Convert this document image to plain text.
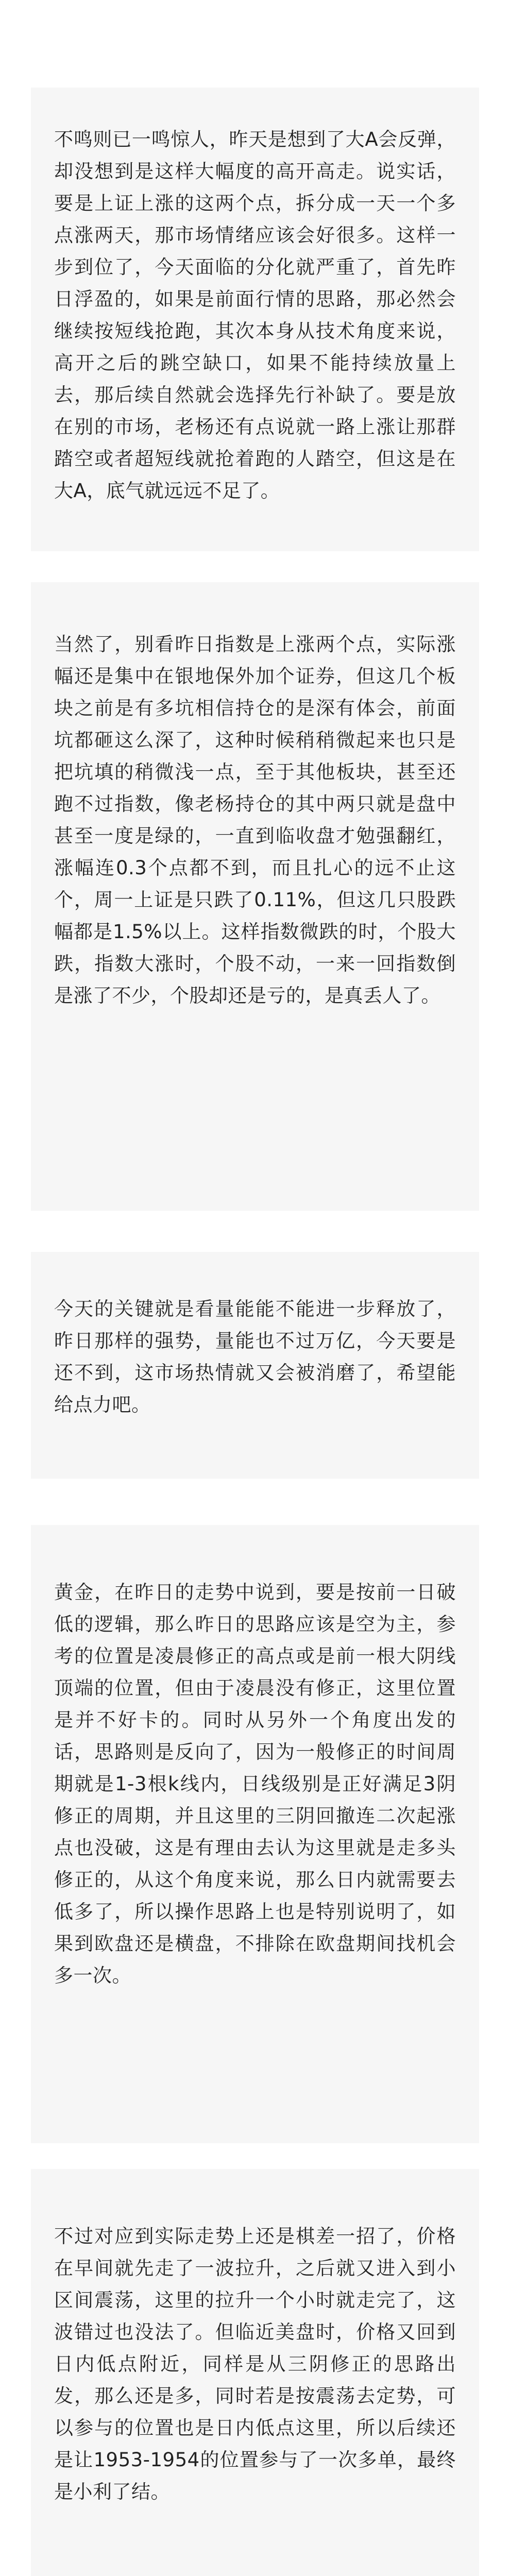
不鸣则已一鸣惊人，昨天是想到了大A会反弹，却没想到是这样大幅度的高开高走。说实话，要是上证上涨的这两个点，拆分成一天一个多点涨两天，那市场情绪应该会好很多。这样一步到位了，今天面临的分化就严重了，首先昨日浮盈的，如果是前面行情的思路，那必然会继续按短线抢跑，其次本身从技术角度来说，高开之后的跳空缺口，如果不能持续放量上去，那后续自然就会选择先行补缺了。要是放在别的市场，老杨还有点说就一路上涨让那群踏空或者超短线就抢着跑的人踏空，但这是在大A，底气就远远不足了。

当然了，别看昨日指数是上涨两个点，实际涨幅还是集中在银地保外加个证券，但这几个板块之前是有多坑相信持仓的是深有体会，前面坑都砸这么深了，这种时候稍稍微起来也只是把坑填的稍微浅一点，至于其他板块，甚至还跑不过指数，像老杨持仓的其中两只就是盘中甚至一度是绿的，一直到临收盘才勉强翻红，涨幅连0.3个点都不到，而且扎心的远不止这个，周一上证是只跌了0.11%，但这几只股跌幅都是1.5%以上。这样指数微跌的时，个股大跌，指数大涨时，个股不动，一来一回指数倒是涨了不少，个股却还是亏的，是真丢人了。

今天的关键就是看量能能不能进一步释放了，昨日那样的强势，量能也不过万亿，今天要是还不到，这市场热情就又会被消磨了，希望能给点力吧。

黄金，在昨日的走势中说到，要是按前一日破低的逻辑，那么昨日的思路应该是空为主，参考的位置是凌晨修正的高点或是前一根大阴线顶端的位置，但由于凌晨没有修正，这里位置是并不好卡的。同时从另外一个角度出发的话，思路则是反向了，因为一般修正的时间周期就是1-3根k线内，日线级别是正好满足3阴修正的周期，并且这里的三阴回撤连二次起涨点也没破，这是有理由去认为这里就是走多头修正的，从这个角度来说，那么日内就需要去低多了，所以操作思路上也是特别说明了，如果到欧盘还是横盘，不排除在欧盘期间找机会多一次。

不过对应到实际走势上还是棋差一招了，价格在早间就先走了一波拉升，之后就又进入到小区间震荡，这里的拉升一个小时就走完了，这波错过也没法了。但临近美盘时，价格又回到日内低点附近，同样是从三阴修正的思路出发，那么还是多，同时若是按震荡去定势，可以参与的位置也是日内低点这里，所以后续还是让1953-1954的位置参与了一次多单，最终是小利了结。
